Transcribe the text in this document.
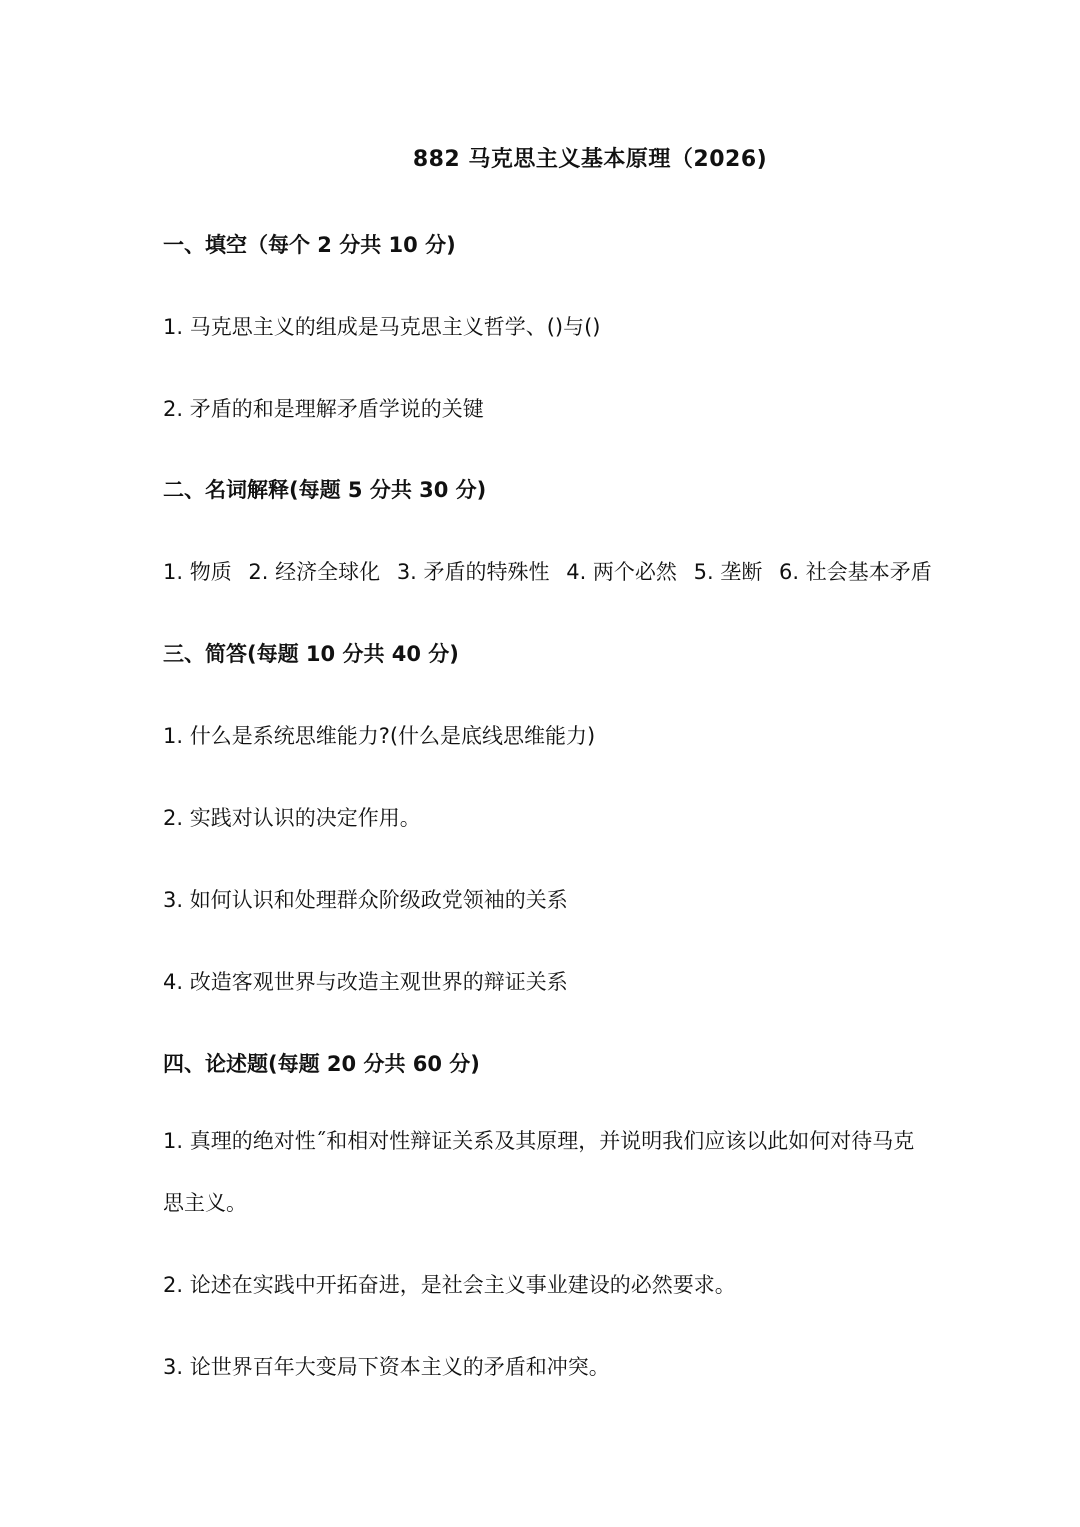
882 马克思主义基本原理（2026)
一、填空（每个 2 分共 10 分)
1. 马克思主义的组成是马克思主义哲学、()与()
2. 矛盾的和是理解矛盾学说的关键
二、名词解释(每题 5 分共 30 分)
1. 物质 2. 经济全球化 3. 矛盾的特殊性 4. 两个必然 5. 垄断 6. 社会基本矛盾
三、简答(每题 10 分共 40 分)
1. 什么是系统思维能力?(什么是底线思维能力)
2. 实践对认识的决定作用。
3. 如何认识和处理群众阶级政党领袖的关系
4. 改造客观世界与改造主观世界的辩证关系
四、论述题(每题 20 分共 60 分)
1. 真理的绝对性˝和相对性辩证关系及其原理，并说明我们应该以此如何对待马克思主义。
2. 论述在实践中开拓奋进，是社会主义事业建设的必然要求。
3. 论世界百年大变局下资本主义的矛盾和冲突。
